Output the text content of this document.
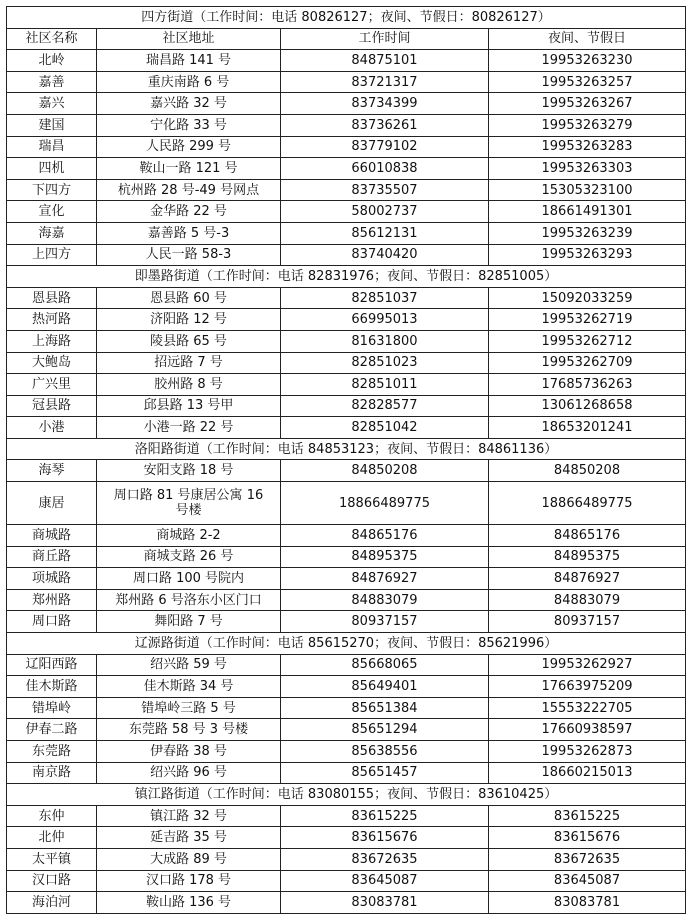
四方街道（工作时间：电话 80826127；夜间、节假日：80826127）			
社区名称	社区地址	工作时间	夜间、节假日
北岭	瑞昌路 141 号	84875101	19953263230
嘉善	重庆南路 6 号	83721317	19953263257
嘉兴	嘉兴路 32 号	83734399	19953263267
建国	宁化路 33 号	83736261	19953263279
瑞昌	人民路 299 号	83779102	19953263283
四机	鞍山一路 121 号	66010838	19953263303
下四方	杭州路 28 号-49 号网点	83735507	15305323100
宣化	金华路 22 号	58002737	18661491301
海嘉	嘉善路 5 号-3	85612131	19953263239
上四方	人民一路 58-3	83740420	19953263293
即墨路街道（工作时间：电话 82831976；夜间、节假日：82851005）			
恩县路	恩县路 60 号	82851037	15092033259
热河路	济阳路 12 号	66995013	19953262719
上海路	陵县路 65 号	81631800	19953262712
大鲍岛	招远路 7 号	82851023	19953262709
广兴里	胶州路 8 号	82851011	17685736263
冠县路	邱县路 13 号甲	82828577	13061268658
小港	小港一路 22 号	82851042	18653201241
洛阳路街道（工作时间：电话 84853123；夜间、节假日：84861136）			
海琴	安阳支路 18 号	84850208	84850208
康居	周口路 81 号康居公寓 16 号楼	18866489775	18866489775
商城路	商城路 2-2	84865176	84865176
商丘路	商城支路 26 号	84895375	84895375
项城路	周口路 100 号院内	84876927	84876927
郑州路	郑州路 6 号洛东小区门口	84883079	84883079
周口路	舞阳路 7 号	80937157	80937157
辽源路街道（工作时间：电话 85615270；夜间、节假日：85621996）			
辽阳西路	绍兴路 59 号	85668065	19953262927
佳木斯路	佳木斯路 34 号	85649401	17663975209
错埠岭	错埠岭三路 5 号	85651384	15553222705
伊春二路	东莞路 58 号 3 号楼	85651294	17660938597
东莞路	伊春路 38 号	85638556	19953262873
南京路	绍兴路 96 号	85651457	18660215013
镇江路街道（工作时间：电话 83080155；夜间、节假日：83610425）			
东仲	镇江路 32 号	83615225	83615225
北仲	延吉路 35 号	83615676	83615676
太平镇	大成路 89 号	83672635	83672635
汉口路	汉口路 178 号	83645087	83645087
海泊河	鞍山路 136 号	83083781	83083781
